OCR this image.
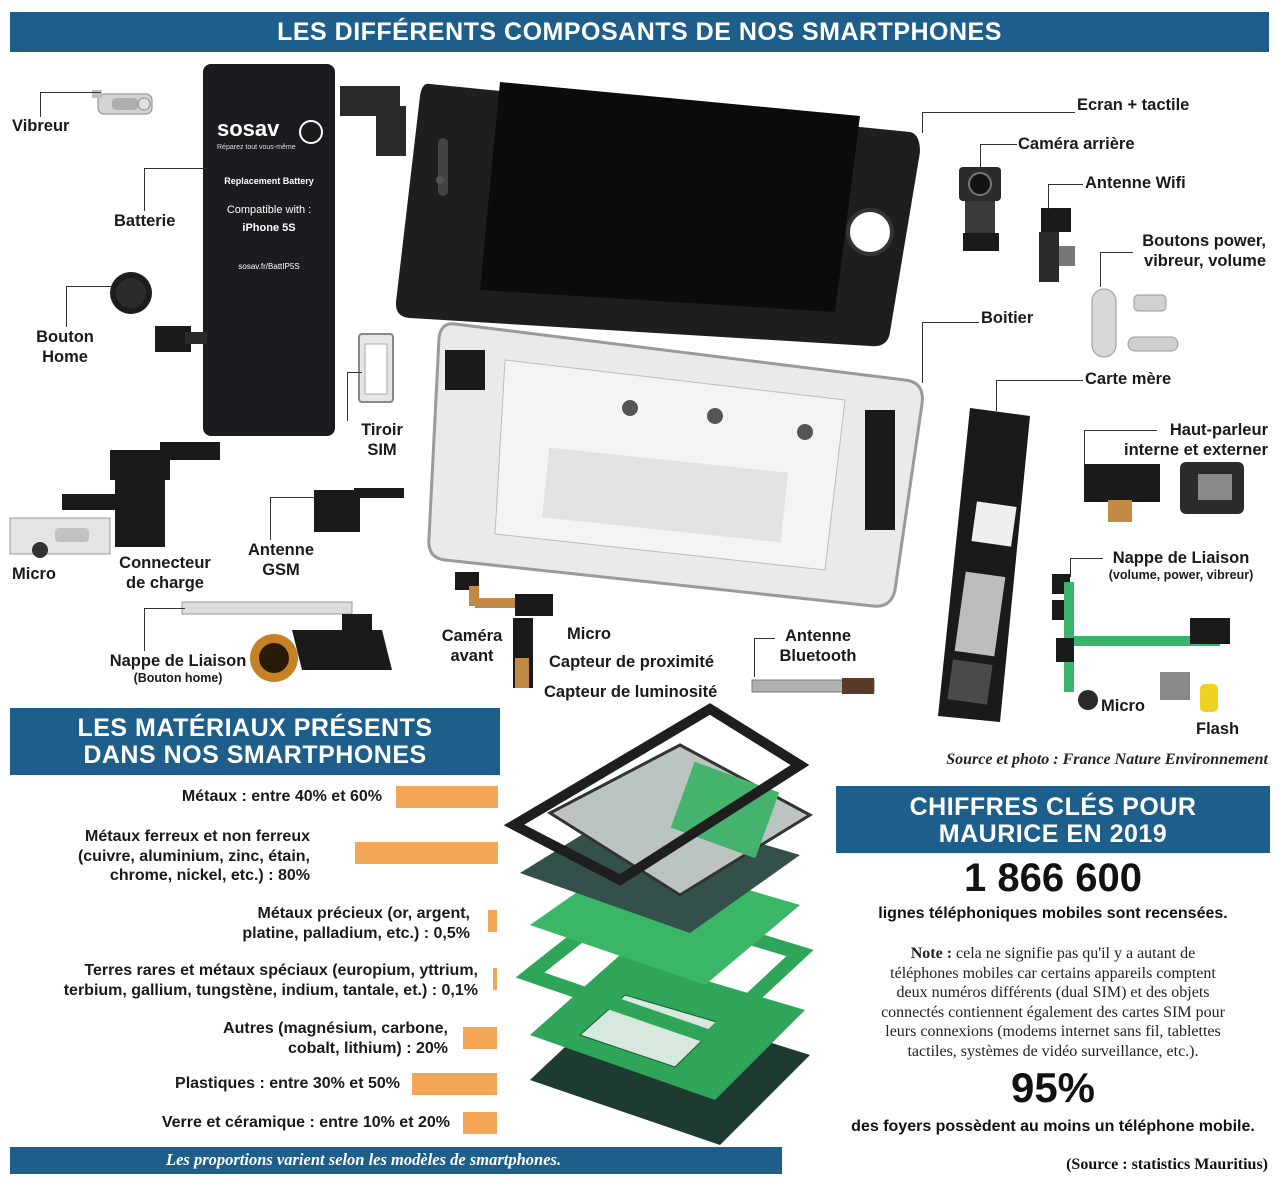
LES DIFFÉRENTS COMPOSANTS DE NOS SMARTPHONES
sosav
Réparez tout vous-même
Replacement Battery
Compatible with :
iPhone 5S
sosav.fr/BattIP5S
Vibreur
Batterie
Bouton
Home
Tiroir
SIM
Micro
Connecteur
de charge
Antenne
GSM
Nappe de Liaison
(Bouton home)
Caméra
avant
Micro
Capteur de proximité
Capteur de luminosité
Antenne
Bluetooth
Ecran + tactile
Caméra arrière
Antenne Wifi
Boutons power,
vibreur, volume
Boitier
Carte mère
Haut-parleur
interne et externer
Nappe de Liaison
(volume, power, vibreur)
Micro
Flash
Source et photo : France Nature Environnement
LES MATÉRIAUX PRÉSENTS
DANS NOS SMARTPHONES
Métaux : entre 40% et 60%
Métaux ferreux et non ferreux
(cuivre, aluminium, zinc, étain,
chrome, nickel, etc.) : 80%
Métaux précieux (or, argent,
platine, palladium, etc.) : 0,5%
Terres rares et métaux spéciaux (europium, yttrium,
terbium, gallium, tungstène, indium, tantale, et.) : 0,1%
Autres (magnésium, carbone,
cobalt, lithium) : 20%
Plastiques : entre 30% et 50%
Verre et céramique : entre 10% et 20%
Les proportions varient selon les modèles de smartphones.
CHIFFRES CLÉS POUR
MAURICE EN 2019
1 866 600
lignes téléphoniques mobiles sont recensées.
Note : cela ne signifie pas qu'il y a autant de
téléphones mobiles car certains appareils comptent
deux numéros différents (dual SIM) et des objets
connectés contiennent également des cartes SIM pour
leurs connexions (modems internet sans fil, tablettes
tactiles, systèmes de vidéo surveillance, etc.).
95%
des foyers possèdent au moins un téléphone mobile.
(Source : statistics Mauritius)
